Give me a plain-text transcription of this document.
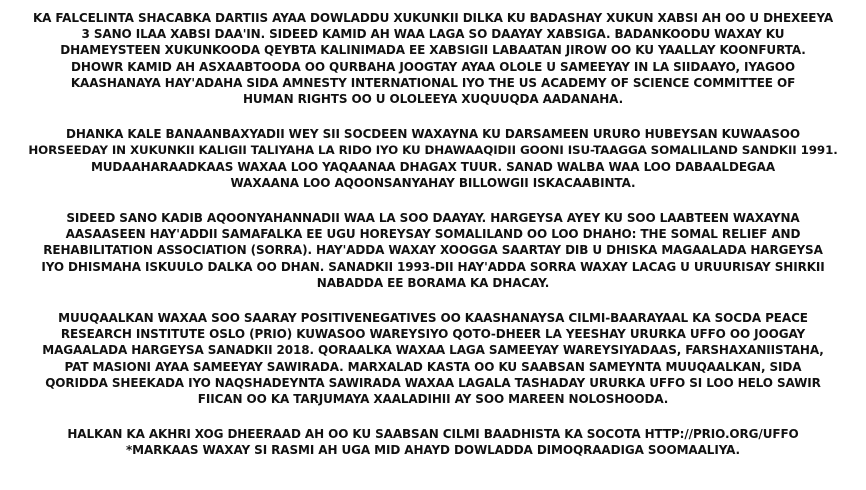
KA FALCELINTA SHACABKA DARTIIS AYAA DOWLADDU XUKUNKII DILKA KU BADASHAY XUKUN XABSI AH OO U DHEXEEYA
3 SANO ILAA XABSI DAA'IN. SIDEED KAMID AH WAA LAGA SO DAAYAY XABSIGA. BADANKOODU WAXAY KU
DHAMEYSTEEN XUKUNKOODA QEYBTA KALINIMADA EE XABSIGII LABAATAN JIROW OO KU YAALLAY KOONFURTA.
DHOWR KAMID AH ASXAABTOODA OO QURBAHA JOOGTAY AYAA OLOLE U SAMEEYAY IN LA SIIDAAYO, IYAGOO
KAASHANAYA HAY'ADAHA SIDA AMNESTY INTERNATIONAL IYO THE US ACADEMY OF SCIENCE COMMITTEE OF
HUMAN RIGHTS OO U OLOLEEYA XUQUUQDA AADANAHA.
DHANKA KALE BANAANBAXYADII WEY SII SOCDEEN WAXAYNA KU DARSAMEEN URURO HUBEYSAN KUWAASOO
HORSEEDAY IN XUKUNKII KALIGII TALIYAHA LA RIDO IYO KU DHAWAAQIDII GOONI ISU-TAAGGA SOMALILAND SANDKII 1991.
MUDAAHARAADKAAS WAXAA LOO YAQAANAA DHAGAX TUUR. SANAD WALBA WAA LOO DABAALDEGAA
WAXAANA LOO AQOONSANYAHAY BILLOWGII ISKACAABINTA.
SIDEED SANO KADIB AQOONYAHANNADII WAA LA SOO DAAYAY. HARGEYSA AYEY KU SOO LAABTEEN WAXAYNA
AASAASEEN HAY'ADDII SAMAFALKA EE UGU HOREYSAY SOMALILAND OO LOO DHAHO: THE SOMAL RELIEF AND
REHABILITATION ASSOCIATION (SORRA). HAY'ADDA WAXAY XOOGGA SAARTAY DIB U DHISKA MAGAALADA HARGEYSA
IYO DHISMAHA ISKUULO DALKA OO DHAN. SANADKII 1993-DII HAY'ADDA SORRA WAXAY LACAG U URUURISAY SHIRKII
NABADDA EE BORAMA KA DHACAY.
MUUQAALKAN WAXAA SOO SAARAY POSITIVENEGATIVES OO KAASHANAYSA CILMI-BAARAYAAL KA SOCDA PEACE
RESEARCH INSTITUTE OSLO (PRIO) KUWASOO WAREYSIYO QOTO-DHEER LA YEESHAY URURKA UFFO OO JOOGAY
MAGAALADA HARGEYSA SANADKII 2018. QORAALKA WAXAA LAGA SAMEEYAY WAREYSIYADAAS, FARSHAXANIISTAHA,
PAT MASIONI AYAA SAMEEYAY SAWIRADA. MARXALAD KASTA OO KU SAABSAN SAMEYNTA MUUQAALKAN, SIDA
QORIDDA SHEEKADA IYO NAQSHADEYNTA SAWIRADA WAXAA LAGALA TASHADAY URURKA UFFO SI LOO HELO SAWIR
FIICAN OO KA TARJUMAYA XAALADIHII AY SOO MAREEN NOLOSHOODA.
HALKAN KA AKHRI XOG DHEERAAD AH OO KU SAABSAN CILMI BAADHISTA KA SOCOTA HTTP://PRIO.ORG/UFFO
*MARKAAS WAXAY SI RASMI AH UGA MID AHAYD DOWLADDA DIMOQRAADIGA SOOMAALIYA.
